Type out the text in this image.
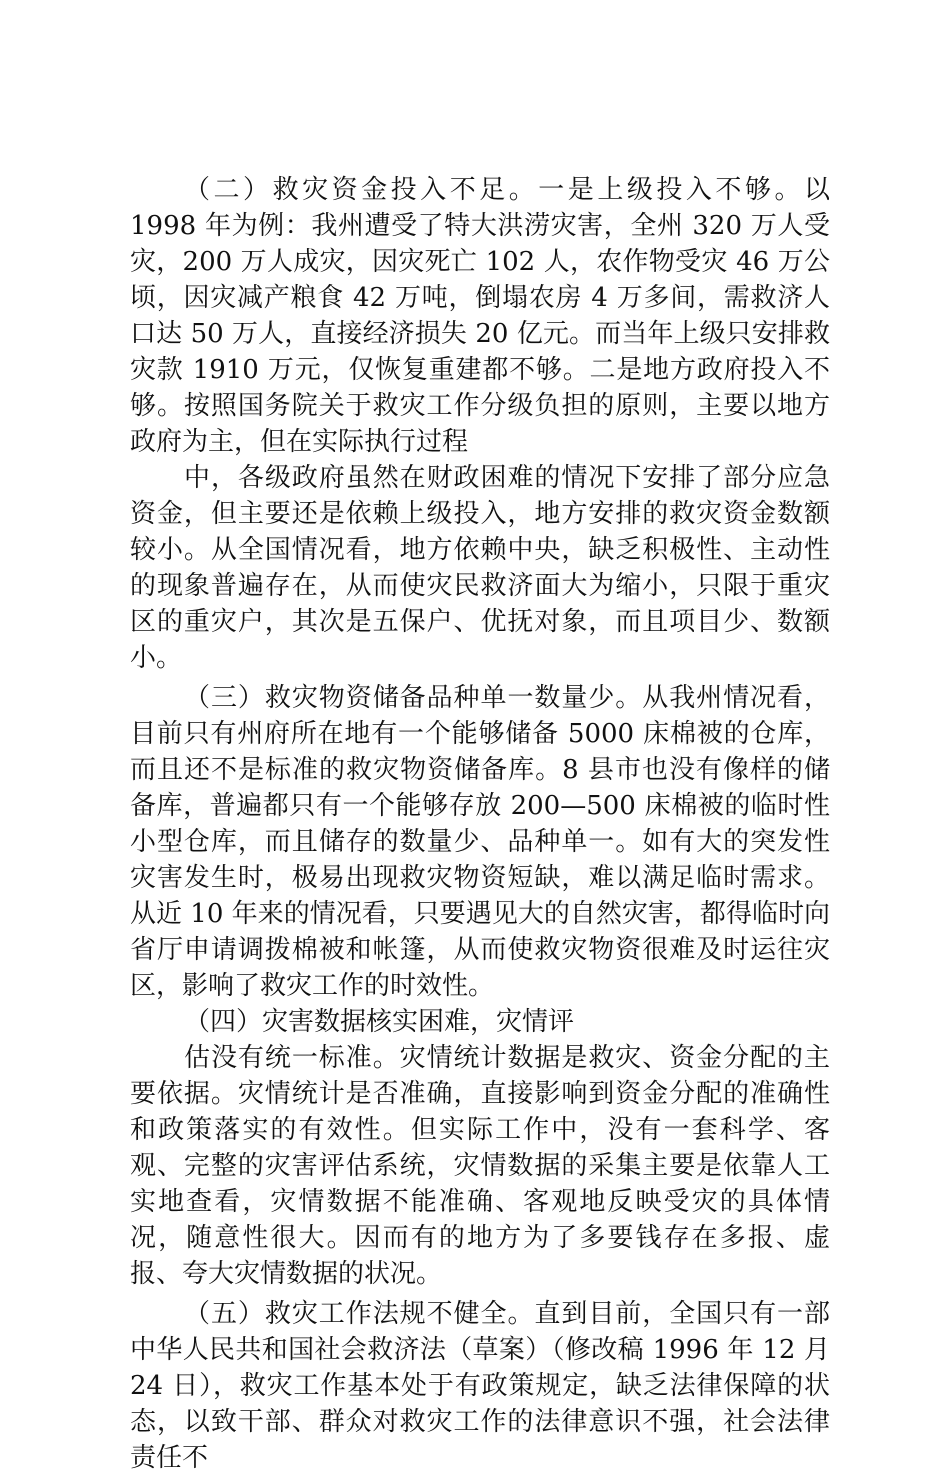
（二）救灾资金投入不足。一是上级投入不够。以 1998 年为例：我州遭受了特大洪涝灾害，全州 320 万人受灾，200 万人成灾，因灾死亡 102 人，农作物受灾 46 万公顷，因灾减产粮食 42 万吨，倒塌农房 4 万多间，需救济人口达 50 万人，直接经济损失 20 亿元。而当年上级只安排救灾款 1910 万元，仅恢复重建都不够。二是地方政府投入不够。按照国务院关于救灾工作分级负担的原则，主要以地方政府为主，但在实际执行过程

中，各级政府虽然在财政困难的情况下安排了部分应急资金，但主要还是依赖上级投入，地方安排的救灾资金数额较小。从全国情况看，地方依赖中央，缺乏积极性、主动性的现象普遍存在，从而使灾民救济面大为缩小，只限于重灾区的重灾户，其次是五保户、优抚对象，而且项目少、数额小。

（三）救灾物资储备品种单一数量少。从我州情况看，目前只有州府所在地有一个能够储备 5000 床棉被的仓库，而且还不是标准的救灾物资储备库。8 县市也没有像样的储备库，普遍都只有一个能够存放 200—500 床棉被的临时性小型仓库，而且储存的数量少、品种单一。如有大的突发性灾害发生时，极易出现救灾物资短缺，难以满足临时需求。从近 10 年来的情况看，只要遇见大的自然灾害，都得临时向省厅申请调拨棉被和帐篷，从而使救灾物资很难及时运往灾区，影响了救灾工作的时效性。

（四）灾害数据核实困难，灾情评

估没有统一标准。灾情统计数据是救灾、资金分配的主要依据。灾情统计是否准确，直接影响到资金分配的准确性和政策落实的有效性。但实际工作中，没有一套科学、客观、完整的灾害评估系统，灾情数据的采集主要是依靠人工实地查看，灾情数据不能准确、客观地反映受灾的具体情况，随意性很大。因而有的地方为了多要钱存在多报、虚报、夸大灾情数据的状况。

（五）救灾工作法规不健全。直到目前，全国只有一部中华人民共和国社会救济法（草案）（修改稿 1996 年 12 月 24 日），救灾工作基本处于有政策规定，缺乏法律保障的状态，以致干部、群众对救灾工作的法律意识不强，社会法律责任不
